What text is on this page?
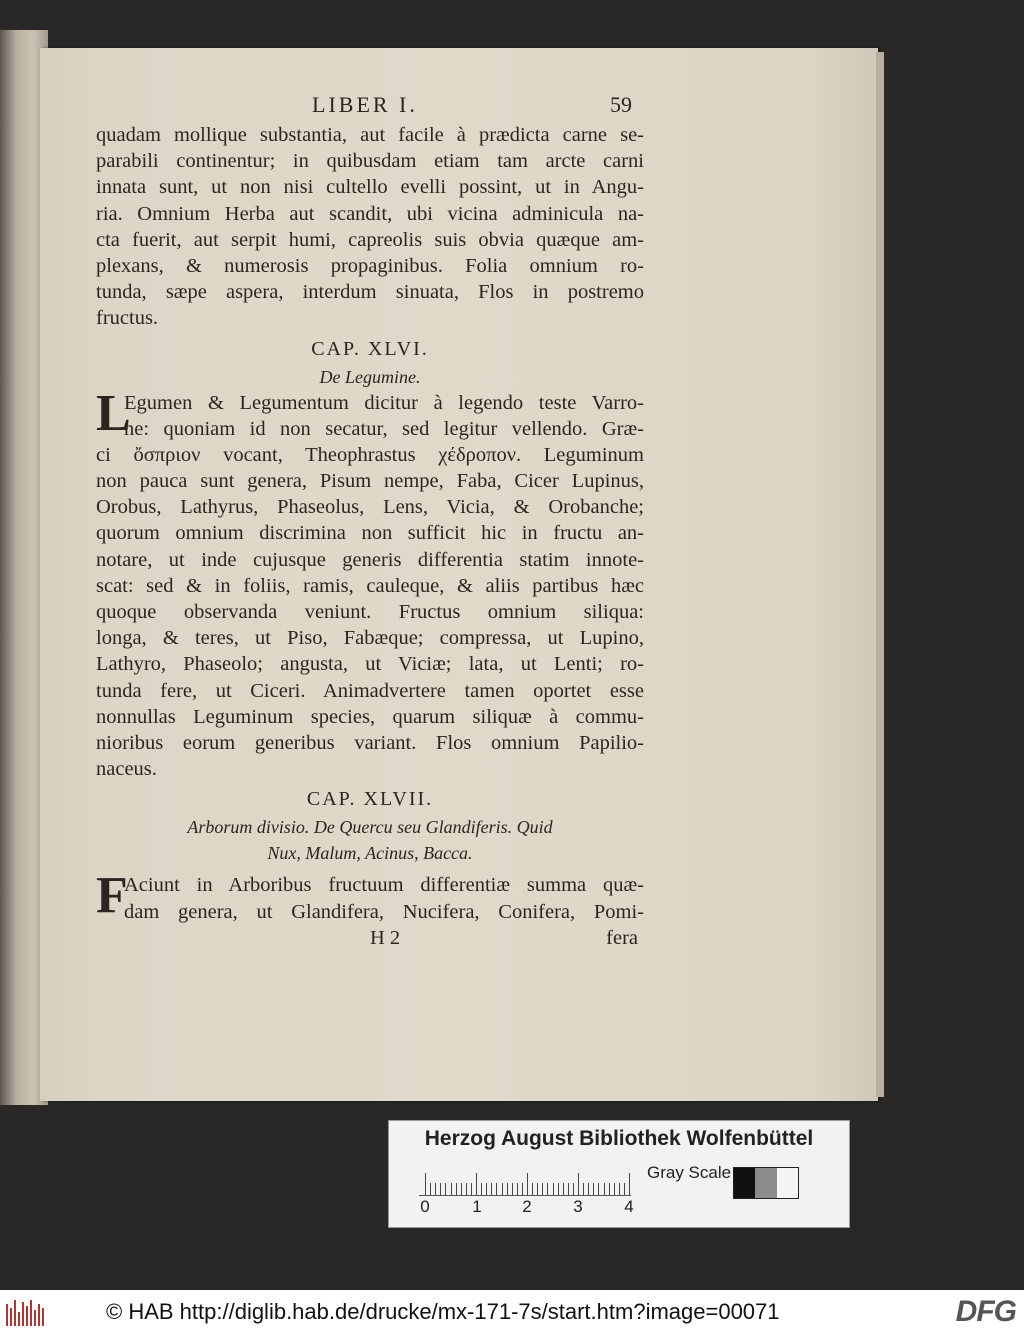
LIBER I.	59
quadam mollique substantia, aut facile à prædicta carne se-
parabili continentur; in quibusdam etiam tam arcte carni
innata sunt, ut non nisi cultello evelli possint, ut in Angu-
ria. Omnium Herba aut scandit, ubi vicina adminicula na-
cta fuerit, aut serpit humi, capreolis suis obvia quæque am-
plexans, & numerosis propaginibus. Folia omnium ro-
tunda, sæpe aspera, interdum sinuata, Flos in postremo
fructus.
CAP. XLVI.
De Legumine.
L
Egumen & Legumentum dicitur à legendo teste Varro-
ne: quoniam id non secatur, sed legitur vellendo. Græ-
ci ὄσπριον vocant, Theophrastus χέδροπον. Leguminum
non pauca sunt genera, Pisum nempe, Faba, Cicer Lupinus,
Orobus, Lathyrus, Phaseolus, Lens, Vicia, & Orobanche;
quorum omnium discrimina non sufficit hic in fructu an-
notare, ut inde cujusque generis differentia statim innote-
scat: sed & in foliis, ramis, cauleque, & aliis partibus hæc
quoque observanda veniunt. Fructus omnium siliqua:
longa, & teres, ut Piso, Fabæque; compressa, ut Lupino,
Lathyro, Phaseolo; angusta, ut Viciæ; lata, ut Lenti; ro-
tunda fere, ut Ciceri. Animadvertere tamen oportet esse
nonnullas Leguminum species, quarum siliquæ à commu-
nioribus eorum generibus variant. Flos omnium Papilio-
naceus.
CAP. XLVII.
Arborum divisio. De Quercu seu Glandiferis. Quid
Nux, Malum, Acinus, Bacca.
F
Aciunt in Arboribus fructuum differentiæ summa quæ-
dam genera, ut Glandifera, Nucifera, Conifera, Pomi-
H 2	fera
Herzog August Bibliothek Wolfenbüttel
0	1	2	3	4
Gray Scale
© HAB http://diglib.hab.de/drucke/mx-171-7s/start.htm?image=00071	DFG
